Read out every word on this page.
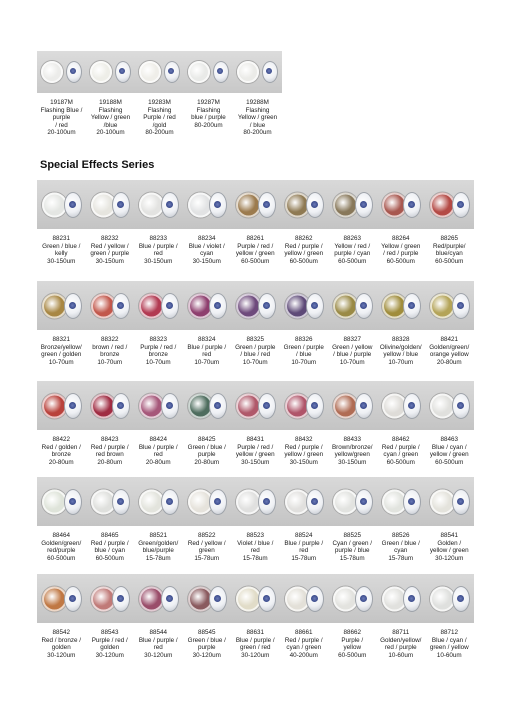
19187M
Flashing Blue /
purple
/ red
20-100um
19188M
Flashing
Yellow / green
/blue
20-100um
19283M
Flashing
Purple / red
/gold
80-200um
19287M
Flashing
blue / purple
80-200um
19288M
Flashing
Yellow / green
/ blue
80-200um
Special Effects Series
88231
Green / blue /
kelly
30-150um
88232
Red / yellow /
green / purple
30-150um
88233
Blue / purple /
red
30-150um
88234
Blue / violet /
cyan
30-150um
88261
Purple / red /
yellow / green
60-500um
88262
Red / purple /
yellow / green
60-500um
88263
Yellow / red /
purple / cyan
60-500um
88264
Yellow / green
/ red / purple
60-500um
88265
Red/purple/
blue/cyan
60-500um
88321
Bronze/yellow/
green / golden
10-70um
88322
brown / red /
bronze
10-70um
88323
Purple / red /
bronze
10-70um
88324
Blue / purple /
red
10-70um
88325
Green / purple
/ blue / red
10-70um
88326
Green / purple
/ blue
10-70um
88327
Green / yellow
/ blue / purple
10-70um
88328
Olivine/golden/
yellow / blue
10-70um
88421
Golden/green/
orange yellow
20-80um
88422
Red / golden /
bronze
20-80um
88423
Red / purple /
red brown
20-80um
88424
Blue / purple /
red
20-80um
88425
Green / blue /
purple
20-80um
88431
Purple / red /
yellow / green
30-150um
88432
Red / purple /
yellow / green
30-150um
88433
Brown/bronze/
yellow/green
30-150um
88462
Red / purple /
cyan / green
60-500um
88463
Blue / cyan /
yellow / green
60-500um
88464
Golden/green/
red/purple
60-500um
88465
Red / purple /
blue / cyan
60-500um
88521
Green/golden/
blue/purple
15-78um
88522
Red / yellow /
green
15-78um
88523
Violet / blue /
red
15-78um
88524
Blue / purple /
red
15-78um
88525
Cyan / green /
purple / blue
15-78um
88526
Green / blue /
cyan
15-78um
88541
Golden /
yellow / green
30-120um
88542
Red / bronze /
golden
30-120um
88543
Purple / red /
golden
30-120um
88544
Blue / purple /
red
30-120um
88545
Green / blue /
purple
30-120um
88631
Blue / purple /
green / red
30-120um
88661
Red / purple /
cyan / green
40-200um
88662
Purple /
yellow
60-500um
88711
Golden/yellow/
red / purple
10-60um
88712
Blue / cyan /
green / yellow
10-60um
